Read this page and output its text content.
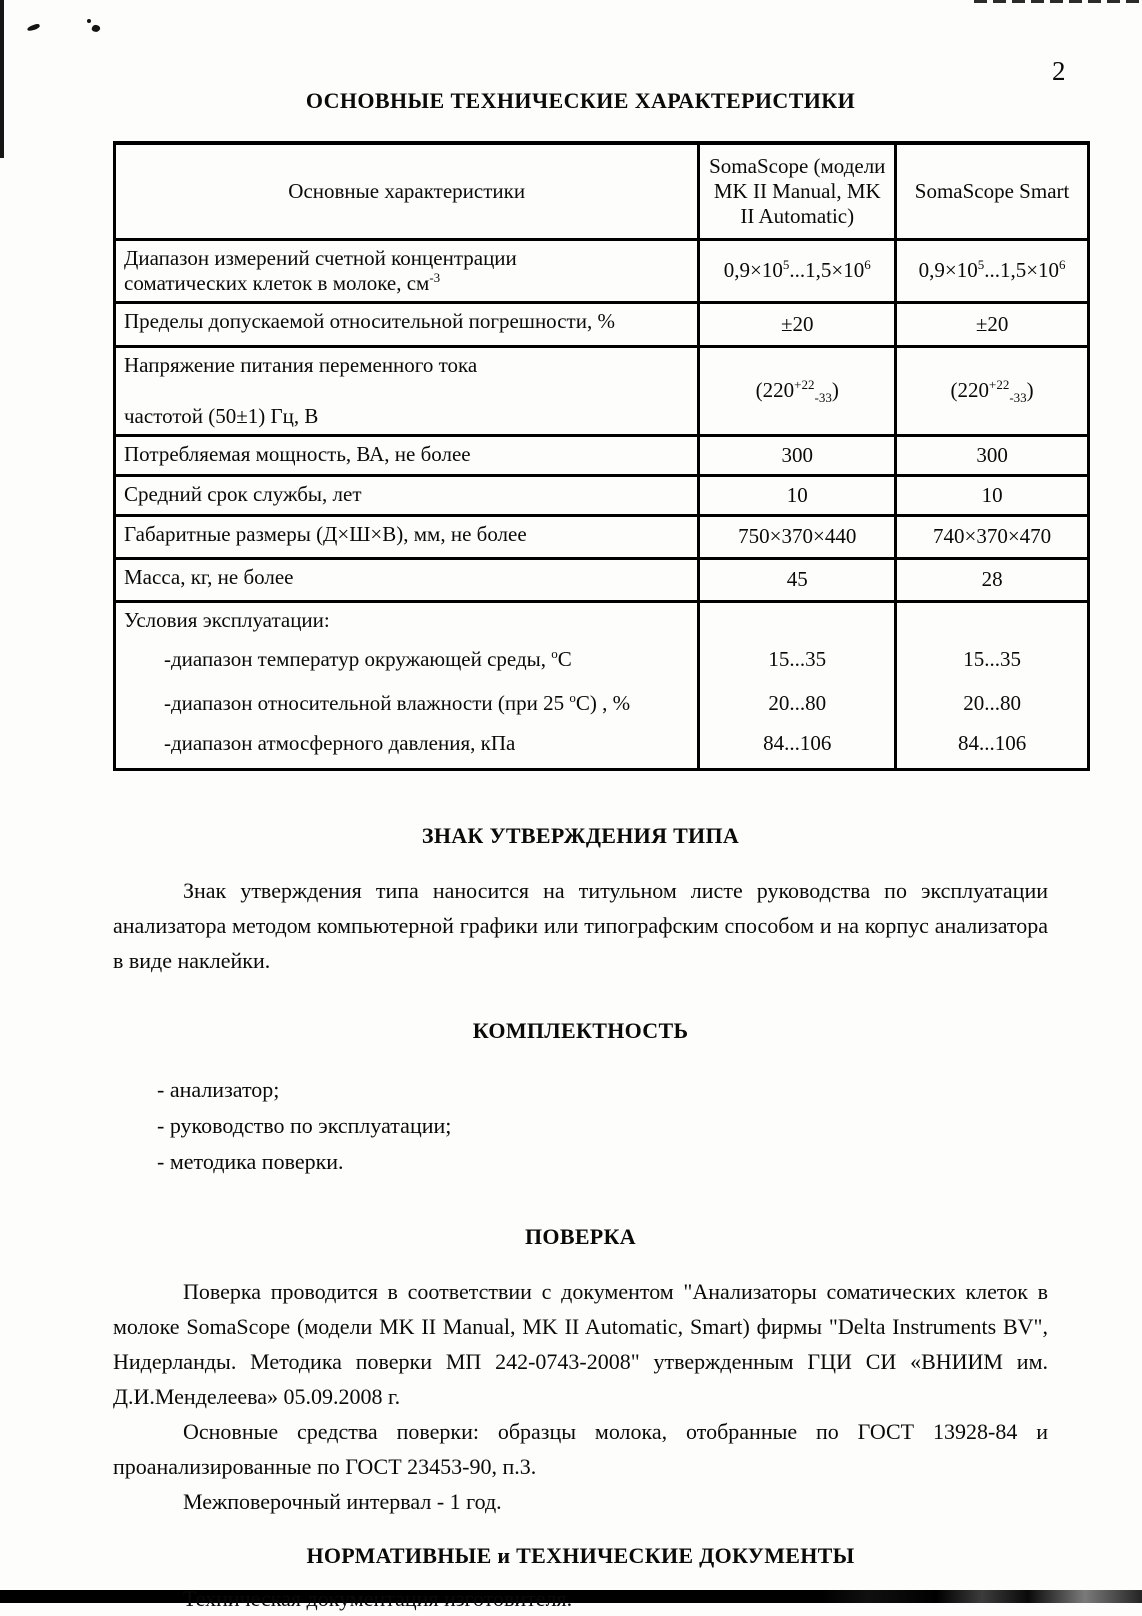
2
ОСНОВНЫЕ ТЕХНИЧЕСКИЕ ХАРАКТЕРИСТИКИ
Основные характеристики	SomaScope (модели MK II Manual, MK II Automatic)	SomaScope Smart
Диапазон измерений счетной концентрации соматических клеток в молоке, $см^{-3}$	$0,9\times 10^5...1,5\times 10^6$	$0,9\times 10^5...1,5\times 10^6$
Пределы допускаемой относительной погрешности, %	±20	±20

Напряжение питания переменного тока
частотой (50±1) Гц, В	$(220^{+22}_{-33})$	$(220^{+22}_{-33})$
Потребляемая мощность, ВА, не более	300	300
Средний срок службы, лет	10	10
Габаритные размеры (Д×Ш×В), мм, не более	750×370×440	740×370×470
Масса, кг, не более	45	28
Условия эксплуатации:		
-диапазон температур окружающей среды, $^о$С	15...35	15...35
-диапазон относительной влажности (при 25 $^о$С) , %	20...80	20...80
-диапазон атмосферного давления, кПа	84...106	84...106
ЗНАК УТВЕРЖДЕНИЯ ТИПА

Знак утверждения типа наносится на титульном листе руководства по эксплуатации анализатора методом компьютерной графики или типографским способом и на корпус анализатора в виде наклейки.

КОМПЛЕКТНОСТЬ
- анализатор;
- руководство по эксплуатации;
- методика поверки.
ПОВЕРКА

Поверка проводится в соответствии с документом "Анализаторы соматических клеток в молоке SomaScope (модели MK II Manual, MK II Automatic, Smart) фирмы "Delta Instruments BV", Нидерланды. Методика поверки МП 242-0743-2008" утвержденным ГЦИ СИ «ВНИИМ им. Д.И.Менделеева» 05.09.2008 г.

Основные средства поверки: образцы молока, отобранные по ГОСТ 13928-84 и проанализированные по ГОСТ 23453-90, п.3.

Межповерочный интервал - 1 год.

НОРМАТИВНЫЕ и ТЕХНИЧЕСКИЕ ДОКУМЕНТЫ

Техническая документация изготовителя.
